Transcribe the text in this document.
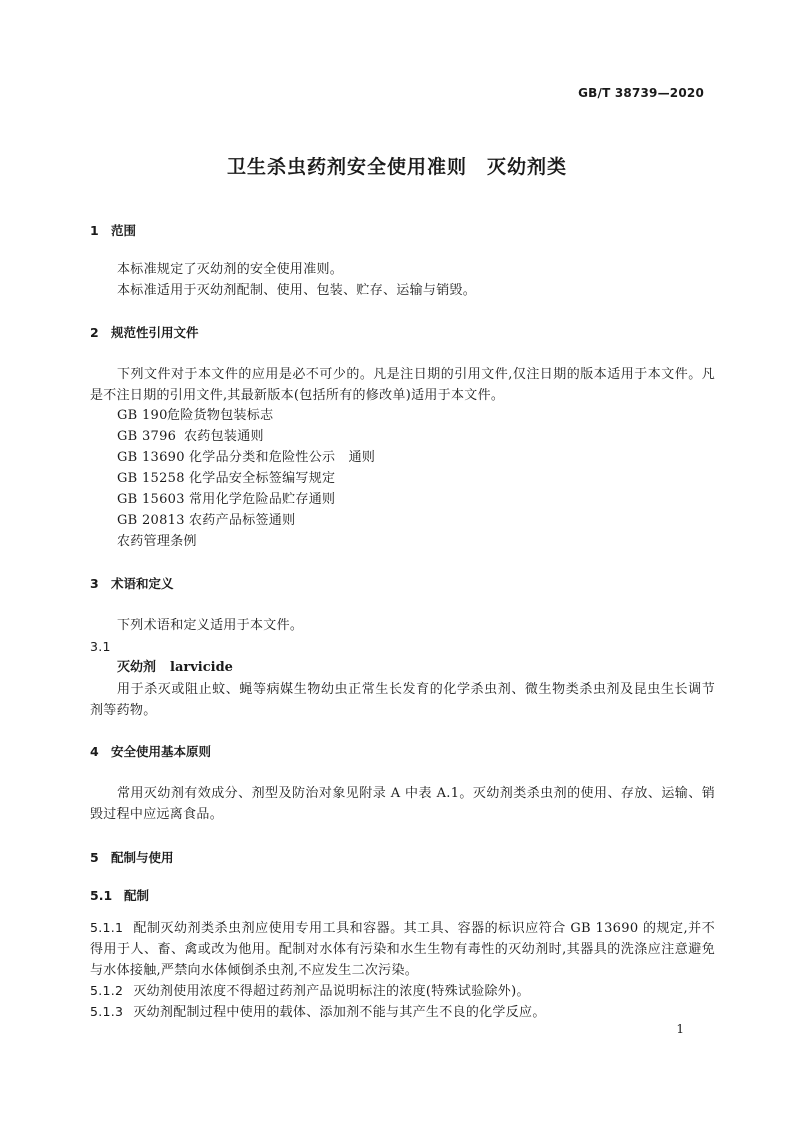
GB/T 38739—2020
卫生杀虫药剂安全使用准则　灭幼剂类
1 范围
本标准规定了灭幼剂的安全使用准则。
本标准适用于灭幼剂配制、使用、包装、贮存、运输与销毁。
2 规范性引用文件
下列文件对于本文件的应用是必不可少的。凡是注日期的引用文件,仅注日期的版本适用于本文件。凡是不注日期的引用文件,其最新版本(包括所有的修改单)适用于本文件。
GB 190危险货物包装标志
GB 3796 农药包装通则
GB 13690 化学品分类和危险性公示　通则
GB 15258 化学品安全标签编写规定
GB 15603 常用化学危险品贮存通则
GB 20813 农药产品标签通则
农药管理条例
3 术语和定义
下列术语和定义适用于本文件。
3.1
灭幼剂 larvicide
用于杀灭或阻止蚊、蝇等病媒生物幼虫正常生长发育的化学杀虫剂、微生物类杀虫剂及昆虫生长调节剂等药物。
4 安全使用基本原则
常用灭幼剂有效成分、剂型及防治对象见附录 A 中表 A.1。灭幼剂类杀虫剂的使用、存放、运输、销毁过程中应远离食品。
5 配制与使用
5.1 配制
5.1.1 配制灭幼剂类杀虫剂应使用专用工具和容器。其工具、容器的标识应符合 GB 13690 的规定,并不得用于人、畜、禽或改为他用。配制对水体有污染和水生生物有毒性的灭幼剂时,其器具的洗涤应注意避免与水体接触,严禁向水体倾倒杀虫剂,不应发生二次污染。
5.1.2 灭幼剂使用浓度不得超过药剂产品说明标注的浓度(特殊试验除外)。
5.1.3 灭幼剂配制过程中使用的载体、添加剂不能与其产生不良的化学反应。
1
